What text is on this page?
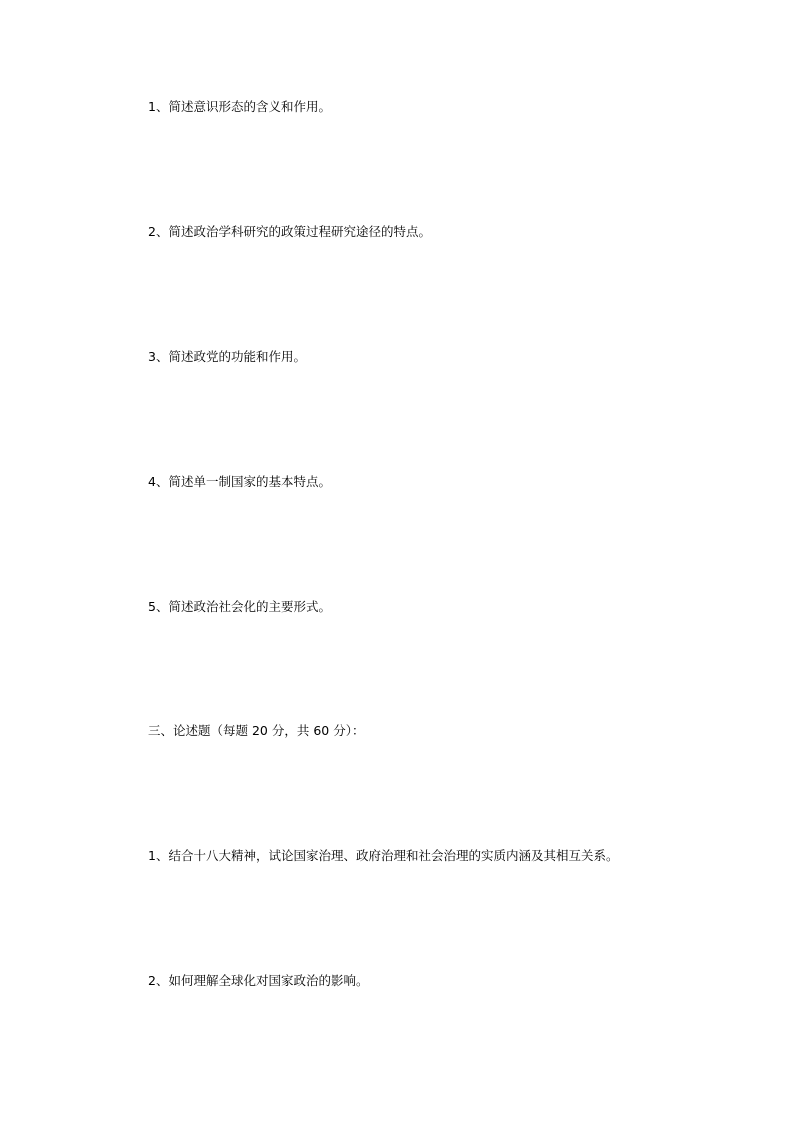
1、简述意识形态的含义和作用。
2、简述政治学科研究的政策过程研究途径的特点。
3、简述政党的功能和作用。
4、简述单一制国家的基本特点。
5、简述政治社会化的主要形式。
三、论述题（每题 20 分，共 60 分）：
1、结合十八大精神，试论国家治理、政府治理和社会治理的实质内涵及其相互关系。
2、如何理解全球化对国家政治的影响。
